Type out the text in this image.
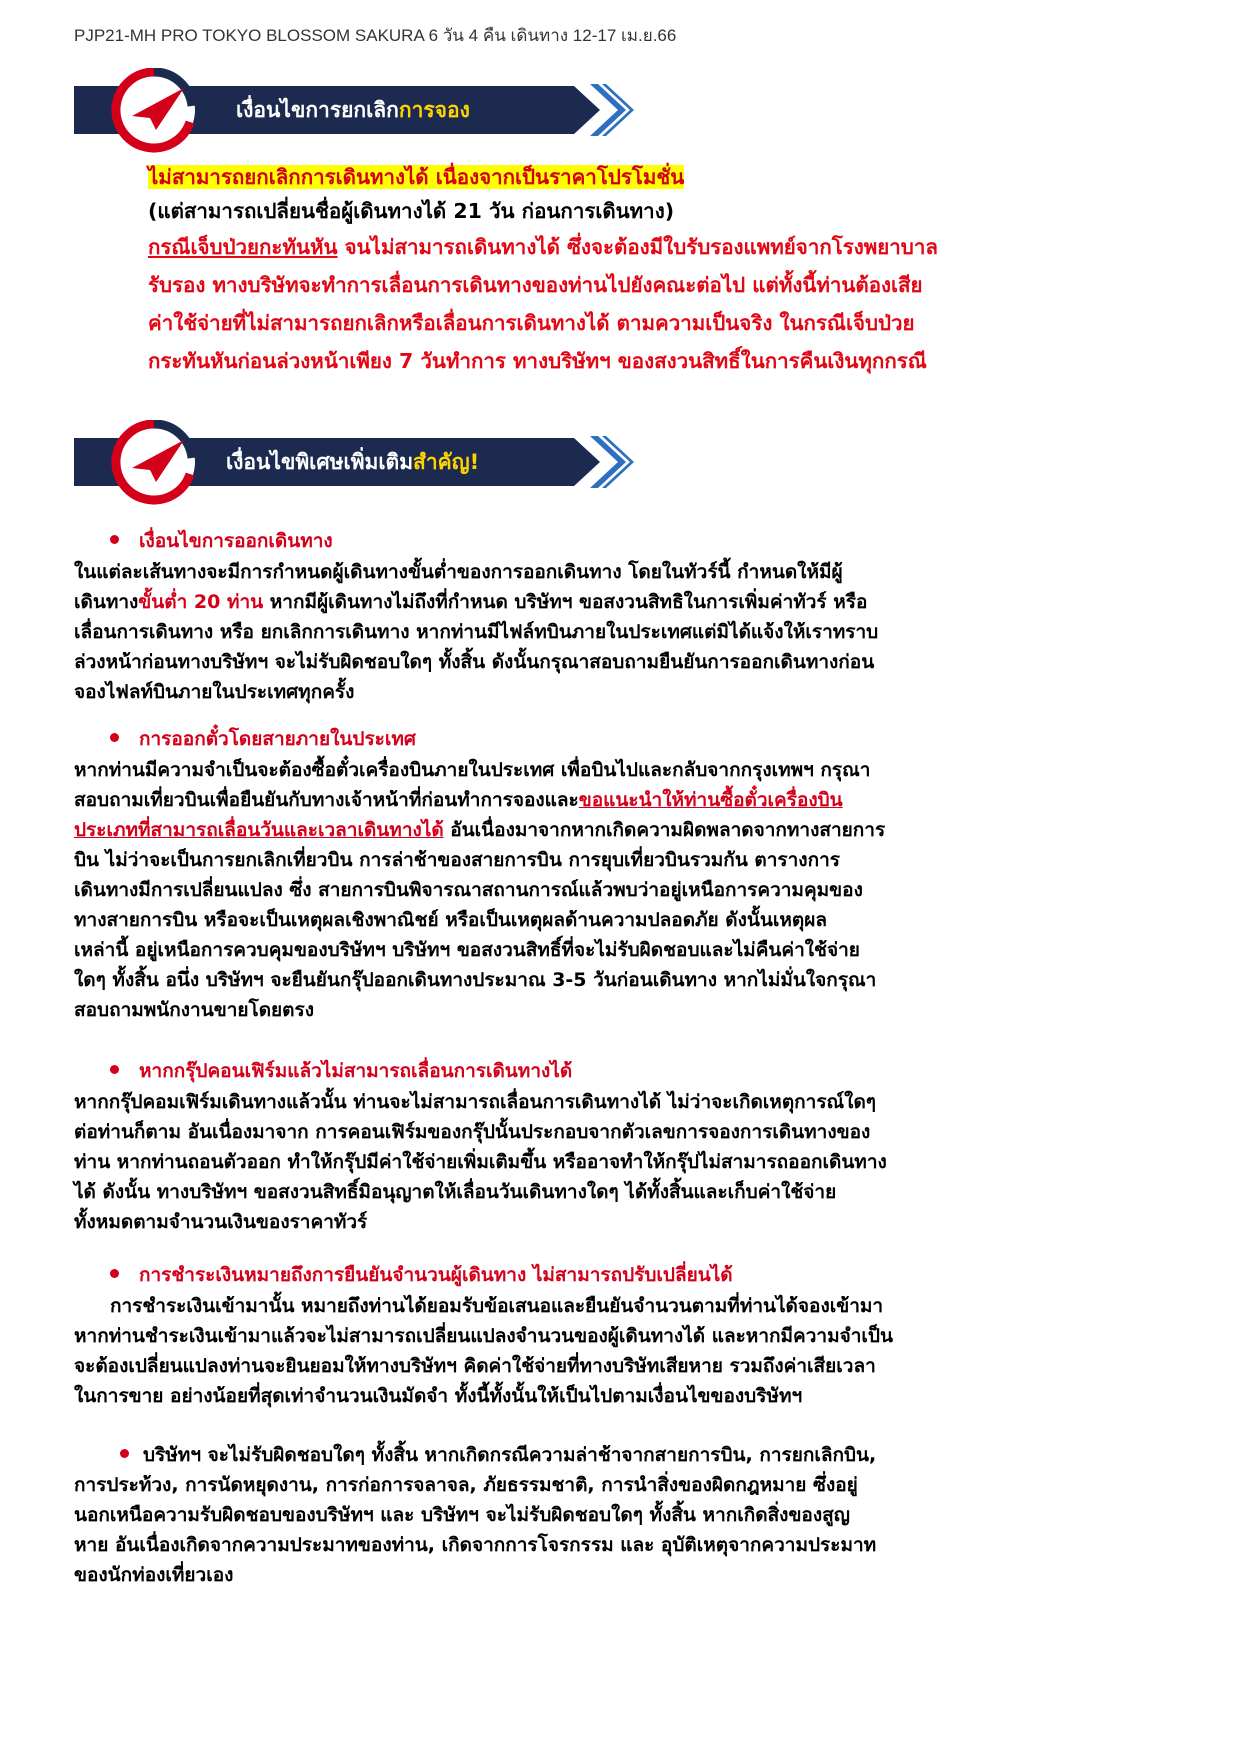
PJP21-MH PRO TOKYO BLOSSOM SAKURA 6 วัน 4 คืน เดินทาง 12-17 เม.ย.66
เงื่อนไขการยกเลิกการจอง

ไม่สามารถยกเลิกการเดินทางได้ เนื่องจากเป็นราคาโปรโมชั่น

(แต่สามารถเปลี่ยนชื่อผู้เดินทางได้ 21 วัน ก่อนการเดินทาง)

กรณีเจ็บป่วยกะทันหัน จนไม่สามารถเดินทางได้ ซึ่งจะต้องมีใบรับรองแพทย์จากโรงพยาบาล

รับรอง ทางบริษัทจะทำการเลื่อนการเดินทางของท่านไปยังคณะต่อไป แต่ทั้งนี้ท่านต้องเสีย

ค่าใช้จ่ายที่ไม่สามารถยกเลิกหรือเลื่อนการเดินทางได้ ตามความเป็นจริง ในกรณีเจ็บป่วย

กระทันหันก่อนล่วงหน้าเพียง 7 วันทำการ ทางบริษัทฯ ของสงวนสิทธิ์ในการคืนเงินทุกกรณี

เงื่อนไขพิเศษเพิ่มเติมสำคัญ!

เงื่อนไขการออกเดินทาง

ในแต่ละเส้นทางจะมีการกำหนดผู้เดินทางขั้นต่ำของการออกเดินทาง โดยในทัวร์นี้ กำหนดให้มีผู้
เดินทางขั้นต่ำ 20 ท่าน หากมีผู้เดินทางไม่ถึงที่กำหนด บริษัทฯ ขอสงวนสิทธิในการเพิ่มค่าทัวร์ หรือ
เลื่อนการเดินทาง หรือ ยกเลิกการเดินทาง หากท่านมีไฟล์ทบินภายในประเทศแต่มิได้แจ้งให้เราทราบ
ล่วงหน้าก่อนทางบริษัทฯ จะไม่รับผิดชอบใดๆ ทั้งสิ้น ดังนั้นกรุณาสอบถามยืนยันการออกเดินทางก่อน
จองไฟลท์บินภายในประเทศทุกครั้ง

การออกตั๋วโดยสายภายในประเทศ

หากท่านมีความจำเป็นจะต้องซื้อตั๋วเครื่องบินภายในประเทศ เพื่อบินไปและกลับจากกรุงเทพฯ กรุณา
สอบถามเที่ยวบินเพื่อยืนยันกับทางเจ้าหน้าที่ก่อนทำการจองและขอแนะนำให้ท่านซื้อตั๋วเครื่องบิน
ประเภทที่สามารถเลื่อนวันและเวลาเดินทางได้ อันเนื่องมาจากหากเกิดความผิดพลาดจากทางสายการ
บิน ไม่ว่าจะเป็นการยกเลิกเที่ยวบิน การล่าช้าของสายการบิน การยุบเที่ยวบินรวมกัน ตารางการ
เดินทางมีการเปลี่ยนแปลง ซึ่ง สายการบินพิจารณาสถานการณ์แล้วพบว่าอยู่เหนือการความคุมของ
ทางสายการบิน หรือจะเป็นเหตุผลเชิงพาณิชย์ หรือเป็นเหตุผลด้านความปลอดภัย ดังนั้นเหตุผล
เหล่านี้ อยู่เหนือการควบคุมของบริษัทฯ บริษัทฯ ขอสงวนสิทธิ์ที่จะไม่รับผิดชอบและไม่คืนค่าใช้จ่าย
ใดๆ ทั้งสิ้น อนึ่ง บริษัทฯ จะยืนยันกรุ๊ปออกเดินทางประมาณ 3-5 วันก่อนเดินทาง หากไม่มั่นใจกรุณา
สอบถามพนักงานขายโดยตรง

หากกรุ๊ปคอนเฟิร์มแล้วไม่สามารถเลื่อนการเดินทางได้

หากกรุ๊ปคอมเฟิร์มเดินทางแล้วนั้น ท่านจะไม่สามารถเลื่อนการเดินทางได้ ไม่ว่าจะเกิดเหตุการณ์ใดๆ
ต่อท่านก็ตาม อันเนื่องมาจาก การคอนเฟิร์มของกรุ๊ปนั้นประกอบจากตัวเลขการจองการเดินทางของ
ท่าน หากท่านถอนตัวออก ทำให้กรุ๊ปมีค่าใช้จ่ายเพิ่มเติมขึ้น หรืออาจทำให้กรุ๊ปไม่สามารถออกเดินทาง
ได้ ดังนั้น ทางบริษัทฯ ขอสงวนสิทธิ์มิอนุญาตให้เลื่อนวันเดินทางใดๆ ได้ทั้งสิ้นและเก็บค่าใช้จ่าย
ทั้งหมดตามจำนวนเงินของราคาทัวร์

การชำระเงินหมายถึงการยืนยันจำนวนผู้เดินทาง ไม่สามารถปรับเปลี่ยนได้

การชำระเงินเข้ามานั้น หมายถึงท่านได้ยอมรับข้อเสนอและยืนยันจำนวนตามที่ท่านได้จองเข้ามา
หากท่านชำระเงินเข้ามาแล้วจะไม่สามารถเปลี่ยนแปลงจำนวนของผู้เดินทางได้ และหากมีความจำเป็น
จะต้องเปลี่ยนแปลงท่านจะยินยอมให้ทางบริษัทฯ คิดค่าใช้จ่ายที่ทางบริษัทเสียหาย รวมถึงค่าเสียเวลา
ในการขาย อย่างน้อยที่สุดเท่าจำนวนเงินมัดจำ ทั้งนี้ทั้งนั้นให้เป็นไปตามเงื่อนไขของบริษัทฯ

บริษัทฯ จะไม่รับผิดชอบใดๆ ทั้งสิ้น หากเกิดกรณีความล่าช้าจากสายการบิน, การยกเลิกบิน,
การประท้วง, การนัดหยุดงาน, การก่อการจลาจล, ภัยธรรมชาติ, การนำสิ่งของผิดกฎหมาย ซึ่งอยู่
นอกเหนือความรับผิดชอบของบริษัทฯ และ บริษัทฯ จะไม่รับผิดชอบใดๆ ทั้งสิ้น หากเกิดสิ่งของสูญ
หาย อันเนื่องเกิดจากความประมาทของท่าน, เกิดจากการโจรกรรม และ อุบัติเหตุจากความประมาท
ของนักท่องเที่ยวเอง
